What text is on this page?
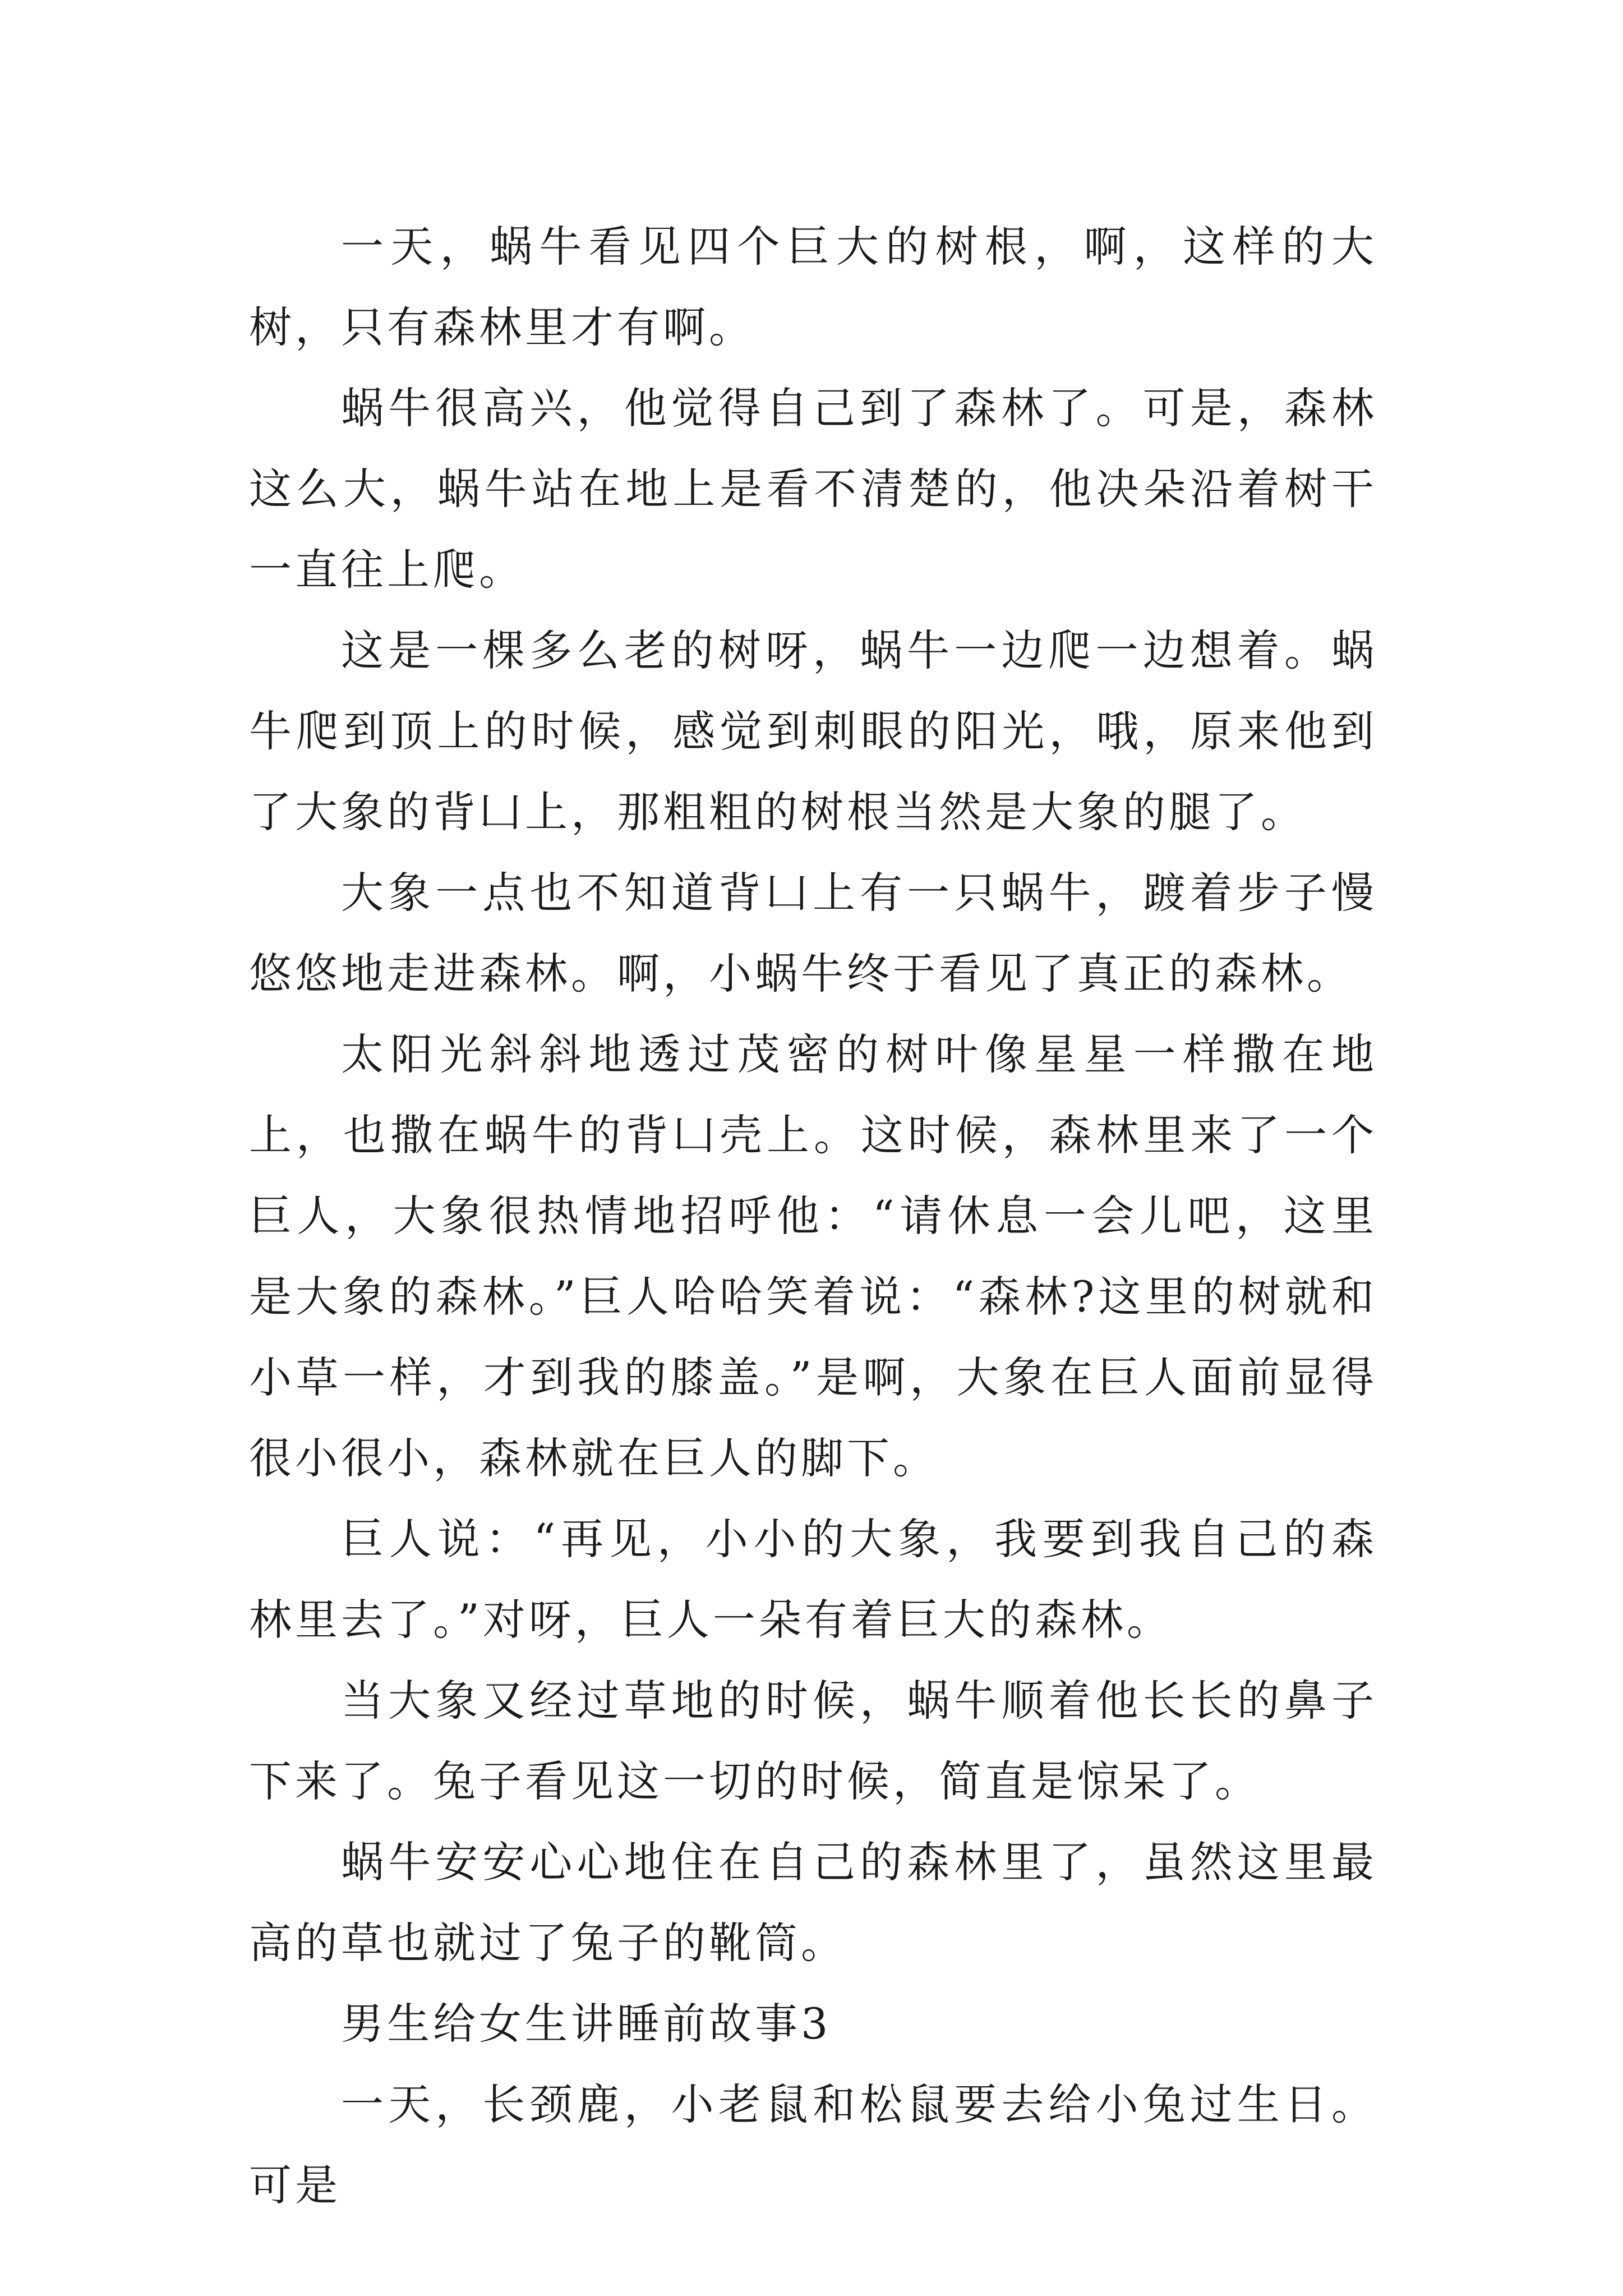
一天，蜗牛看见四个巨大的树根，啊，这样的大树，只有森林里才有啊。

蜗牛很高兴，他觉得自己到了森林了。可是，森林这么大，蜗牛站在地上是看不清楚的，他决朵沿着树干一直往上爬。

这是一棵多么老的树呀，蜗牛一边爬一边想着。蜗牛爬到顶上的时候，感觉到刺眼的阳光，哦，原来他到了大象的背凵上，那粗粗的树根当然是大象的腿了。

大象一点也不知道背凵上有一只蜗牛，踱着步子慢悠悠地走进森林。啊，小蜗牛终于看见了真正的森林。

太阳光斜斜地透过茂密的树叶像星星一样撒在地上，也撒在蜗牛的背凵壳上。这时候，森林里来了一个巨人，大象很热情地招呼他：“请休息一会儿吧，这里是大象的森林。”巨人哈哈笑着说：“森林?这里的树就和小草一样，才到我的膝盖。”是啊，大象在巨人面前显得很小很小，森林就在巨人的脚下。

巨人说：“再见，小小的大象，我要到我自己的森林里去了。”对呀，巨人一朵有着巨大的森林。

当大象又经过草地的时候，蜗牛顺着他长长的鼻子下来了。兔子看见这一切的时候，简直是惊呆了。

蜗牛安安心心地住在自己的森林里了，虽然这里最高的草也就过了兔子的靴筒。

男生给女生讲睡前故事3

一天，长颈鹿，小老鼠和松鼠要去给小兔过生日。可是
